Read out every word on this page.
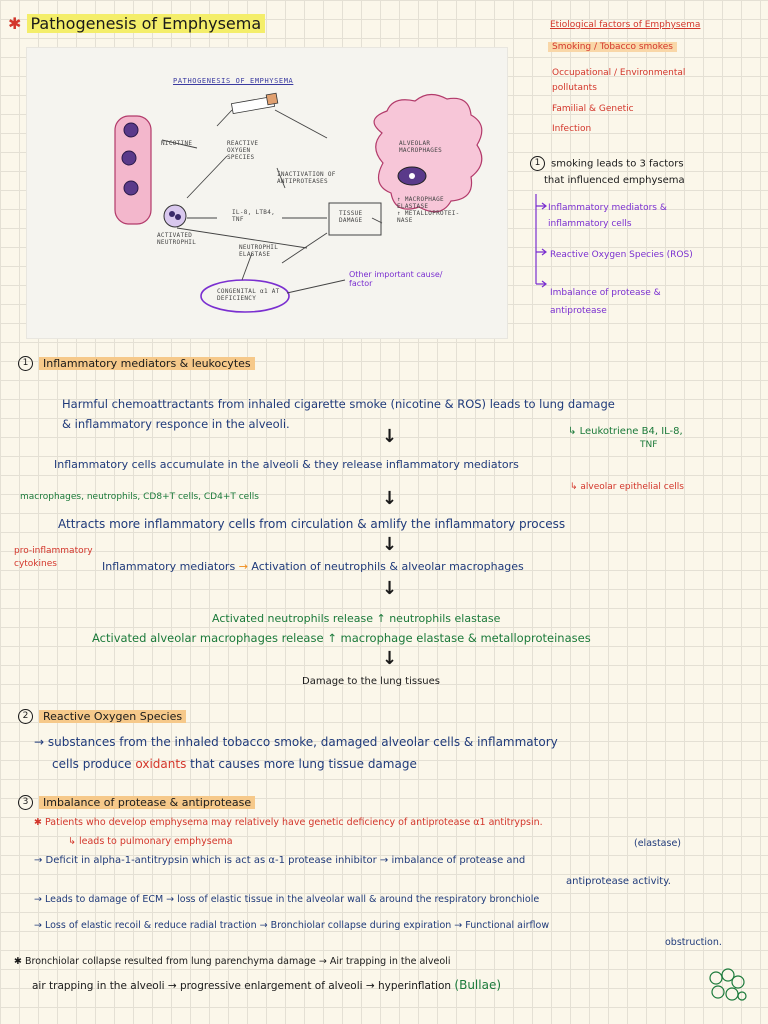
✱ Pathogenesis of Emphysema
PATHOGENESIS OF EMPHYSEMA
NICOTINE	REACTIVE
OXYGEN
SPECIES
INACTIVATION OF
ANTIPROTEASES
ACTIVATED
NEUTROPHIL
IL-8, LTB4,
TNF
NEUTROPHIL
ELASTASE
TISSUE
DAMAGE
ALVEOLAR
MACROPHAGES
↑ MACROPHAGE
ELASTASE
↑ METALLOPROTEI-
NASE
CONGENITAL α1 AT
DEFICIENCY
Other important cause/
factor
Etiological factors of Emphysema
Smoking / Tobacco smokes
Occupational / Environmental
pollutants
Familial & Genetic
Infection
1 smoking leads to 3 factors
that influenced emphysema
Inflammatory mediators &
inflammatory cells
Reactive Oxygen Species (ROS)
Imbalance of protease &
antiprotease
1 Inflammatory mediators & leukocytes
Harmful chemoattractants from inhaled cigarette smoke (nicotine & ROS) leads to lung damage
& inflammatory responce in the alveoli.
↓	↳ Leukotriene B4, IL-8,
TNF
Inflammatory cells accumulate in the alveoli & they release inflammatory mediators
↳ alveolar epithelial cells
macrophages, neutrophils, CD8+T cells, CD4+T cells	↓
Attracts more inflammatory cells from circulation & amlify the inflammatory process
↓
pro-inflammatory
cytokines	Inflammatory mediators → Activation of neutrophils & alveolar macrophages
↓
Activated neutrophils release ↑ neutrophils elastase
Activated alveolar macrophages release ↑ macrophage elastase & metalloproteinases
↓
Damage to the lung tissues
2 Reactive Oxygen Species
→ substances from the inhaled tobacco smoke, damaged alveolar cells & inflammatory
cells produce oxidants that causes more lung tissue damage
3 Imbalance of protease & antiprotease
✱ Patients who develop emphysema may relatively have genetic deficiency of antiprotease α1 antitrypsin.
↳ leads to pulmonary emphysema	(elastase)
→ Deficit in alpha-1-antitrypsin which is act as α-1 protease inhibitor → imbalance of protease and
antiprotease activity.
→ Leads to damage of ECM → loss of elastic tissue in the alveolar wall & around the respiratory bronchiole
→ Loss of elastic recoil & reduce radial traction → Bronchiolar collapse during expiration → Functional airflow
obstruction.
✱ Bronchiolar collapse resulted from lung parenchyma damage → Air trapping in the alveoli
air trapping in the alveoli → progressive enlargement of alveoli → hyperinflation (Bullae)
